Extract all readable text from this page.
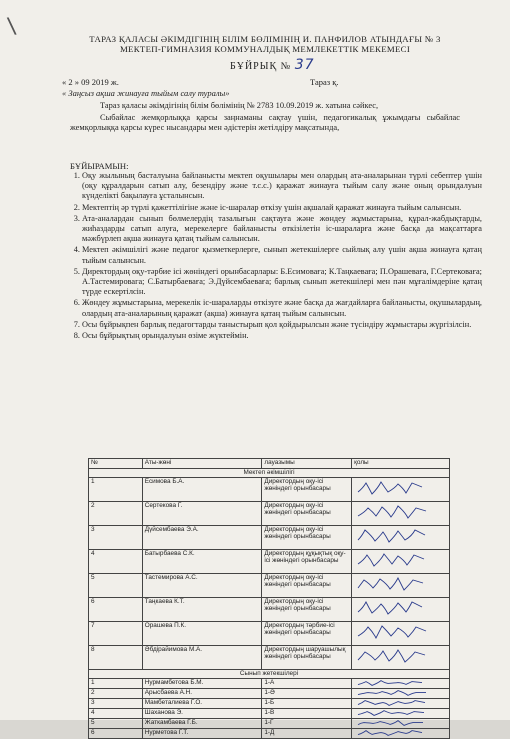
\	ТАРАЗ ҚАЛАСЫ ӘКІМДІГІНІҢ БІЛІМ БӨЛІМІНІҢ И. ПАНФИЛОВ АТЫНДАҒЫ № 3
МЕКТЕП-ГИМНАЗИЯ КОММУНАЛДЫҚ МЕМЛЕКЕТТІК МЕКЕМЕСІ
БҰЙРЫҚ № 37
« 2 » 09 2019 ж.	Тараз қ.
« Заңсыз ақша жинауға тыйым салу туралы»
Тараз қаласы әкімдігінің білім бөлімінің № 2783 10.09.2019 ж. хатына сәйкес,
Сыбайлас жемқорлыққа қарсы заңнаманы сақтау үшін, педагогикалық ұжымдағы сыбайлас жемқорлыққа қарсы күрес нысандары мен әдістерін жетілдіру мақсатында,
БҰЙЫРАМЫН:
1. Оқу жылының басталуына байланысты мектеп оқушылары мен олардың ата-аналарынан түрлі себептер үшін (оқу құралдарын сатып алу, безендіру және т.с.с.) қаражат жинауға тыйым салу және оның орындалуын күнделікті бақылауға ұсталынсын.
2. Мектептің әр түрлі қажеттілігіне және іс-шаралар өткізу үшін ақшалай қаражат жинауға тыйым салынсын.
3. Ата-аналардан сынып бөлмелердің тазалығын сақтауға және жөндеу жұмыстарына, құрал-жабдықтарды, жиһаздарды сатып алуға, мерекелерге байланысты өткізілетін іс-шараларға және басқа да мақсаттарға мәжбүрлеп ақша жинауға қатаң тыйым салынсын.
4. Мектеп әкімшілігі және педагог қызметкерлерге, сынып жетекшілерге сыйлық алу үшін ақша жинауға қатаң тыйым салынсын.
5. Директордың оқу-тәрбие ісі жөніндегі орынбасарлары: Б.Есимоваға; К.Таңкаеваға; П.Орашеваға, Г.Сертековаға; А.Тастемировага; С.Батырбаеваға; Э.Дүйсембаеваға; барлық сынып жетекшілері мен пән мұғалімдеріне қатаң түрде ескертілсін.
6. Жөндеу жұмыстарына, мерекелік іс-шараларды өткізуге және басқа да жағдайларға байланысты, оқушылардың, олардың ата-аналарының қаражат (ақша) жинауға қатаң тыйым салынсын.
7. Осы бұйрықпен барлық педагогтарды таныстырып қол қойдырылсын және түсіндіру жұмыстары жүргізілсін.
8. Осы бұйрықтың орындалуын өзіме жүктеймін.
№	Аты-жөні	лауазымы	қолы
Мектеп әкімшілігі			
1	Есимова Б.А.	Директордың оқу-ісі жөніндегі орынбасары	

2	Сертекова Г.	Директордың оқу-ісі жөніндегі орынбасары	

3	Дүйсембаева Э.А.	Директордың оқу-ісі жөніндегі орынбасары	

4	Батырбаева С.К.	Директордың құқықтық оқу-ісі жөніндегі орынбасары	

5	Тастемирова А.С.	Директордың оқу-ісі жөніндегі орынбасары	

6	Таңкаева К.Т.	Директордың оқу-ісі жөніндегі орынбасары	

7	Орашева П.К.	Директордың тәрбие-ісі жөніндегі орынбасары	

8	Әбдірайимова М.А.	Директордың шаруашылық жөніндегі орынбасары	

Сынып жетекшілері			
1	Нурмамбетова Б.М.	1-А	

2	Арысбаева А.Н.	1-Ә	

3	Мамбеталиева Г.О.	1-Б	

4	Шаханова Э.	1-В	

5	Жаткамбаева Г.Б.	1-Г	

6	Нурметова Г.Т.	1-Д	
